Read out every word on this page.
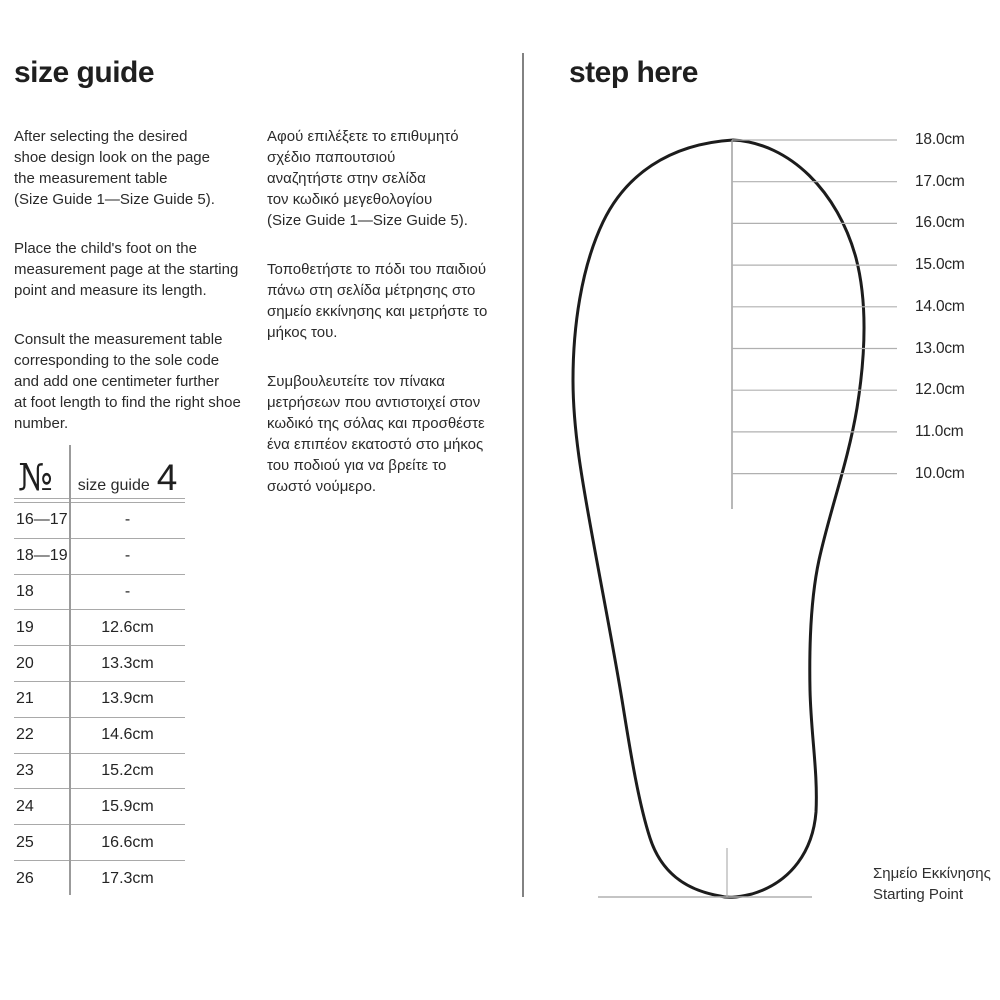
size guide

After selecting the desired
shoe design look on the page
the measurement table
(Size Guide 1—Size Guide 5).

Place the child's foot on the
measurement page at the starting
point and measure its length.

Consult the measurement table
corresponding to the sole code
and add one centimeter further
at foot length to find the right shoe
number.

Αφού επιλέξετε το επιθυμητό
σχέδιο παπουτσιού
αναζητήστε στην σελίδα
τον κωδικό μεγεθολογίου
(Size Guide 1—Size Guide 5).

Τοποθετήστε το πόδι του παιδιού
πάνω στη σελίδα μέτρησης στο
σημείο εκκίνησης και μετρήστε το
μήκος του.

Συμβουλευτείτε τον πίνακα
μετρήσεων που αντιστοιχεί στον
κωδικό της σόλας και προσθέστε
ένα επιπέον εκατοστό στο μήκος
του ποδιού για να βρείτε το
σωστό νούμερο.

№	size guide 4
16—17	-
18—19	-
18	-
19	12.6cm
20	13.3cm
21	13.9cm
22	14.6cm
23	15.2cm
24	15.9cm
25	16.6cm
26	17.3cm
step here
18.0cm
17.0cm
16.0cm
15.0cm
14.0cm
13.0cm
12.0cm
11.0cm
10.0cm
Σημείο Εκκίνησης
Starting Point
